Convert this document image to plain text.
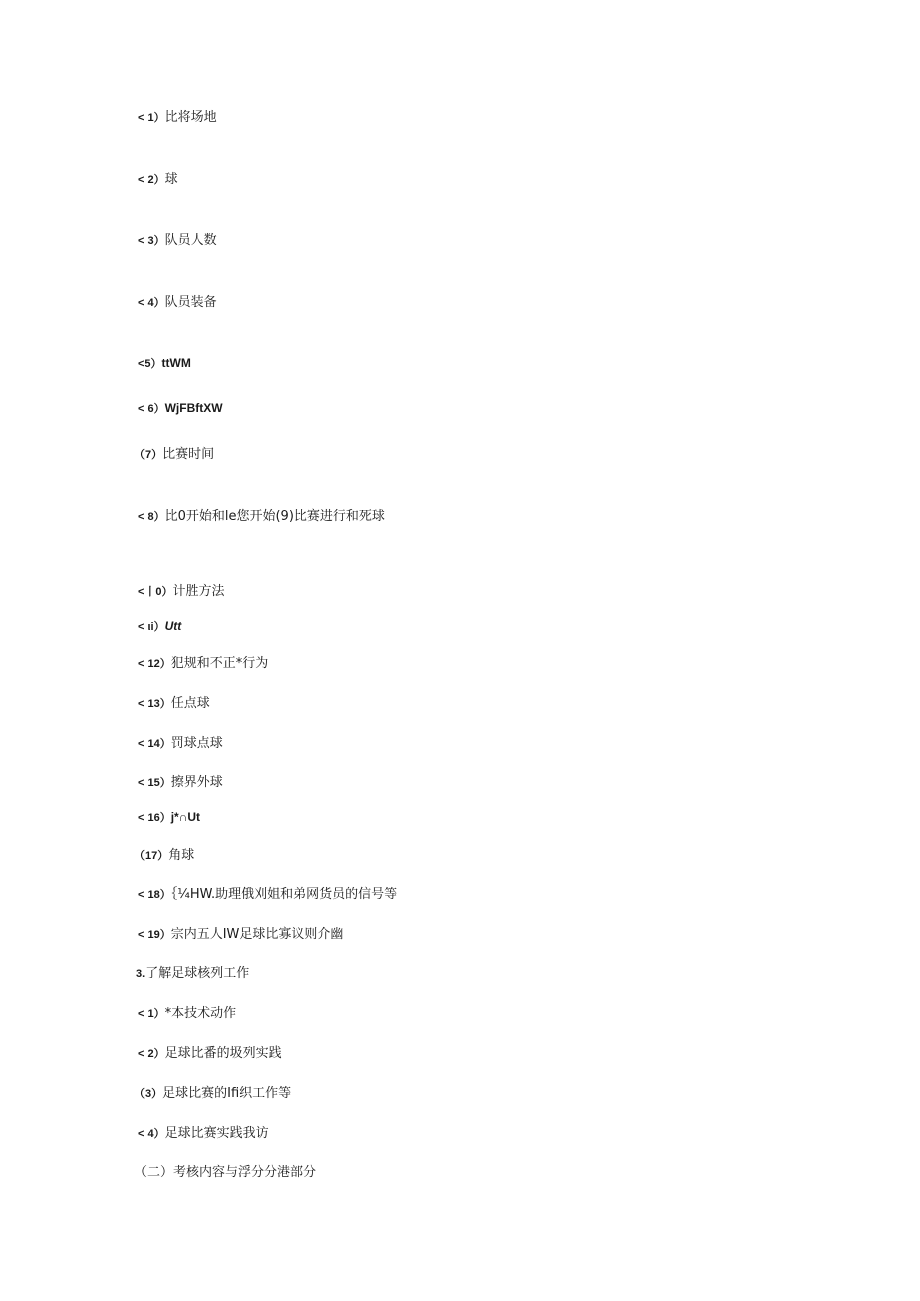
< 1）比将场地
< 2）球
< 3）队员人数
< 4）队员装备
<5）ttWM
< 6）WjFBftXW
（7）比赛时间
< 8）比0开始和le您开始(9)比赛进行和死球
<丨0）计胜方法
< ιi）Utt
< 12）犯规和不正*行为
< 13）任点球
< 14）罚球点球
< 15）擦界外球
< 16）j*∩Ut
（17）角球
< 18）｛¼HW.助理俄刈姐和弟网货员的信号等
< 19）宗内五人IW足球比寡议则介幽
3.了解足球核列工作
< 1）*本技术动作
< 2）足球比番的圾列实践
（3）足球比赛的Ifi织工作等
< 4）足球比赛实践我访
（二）考核内容与浮分分港部分
